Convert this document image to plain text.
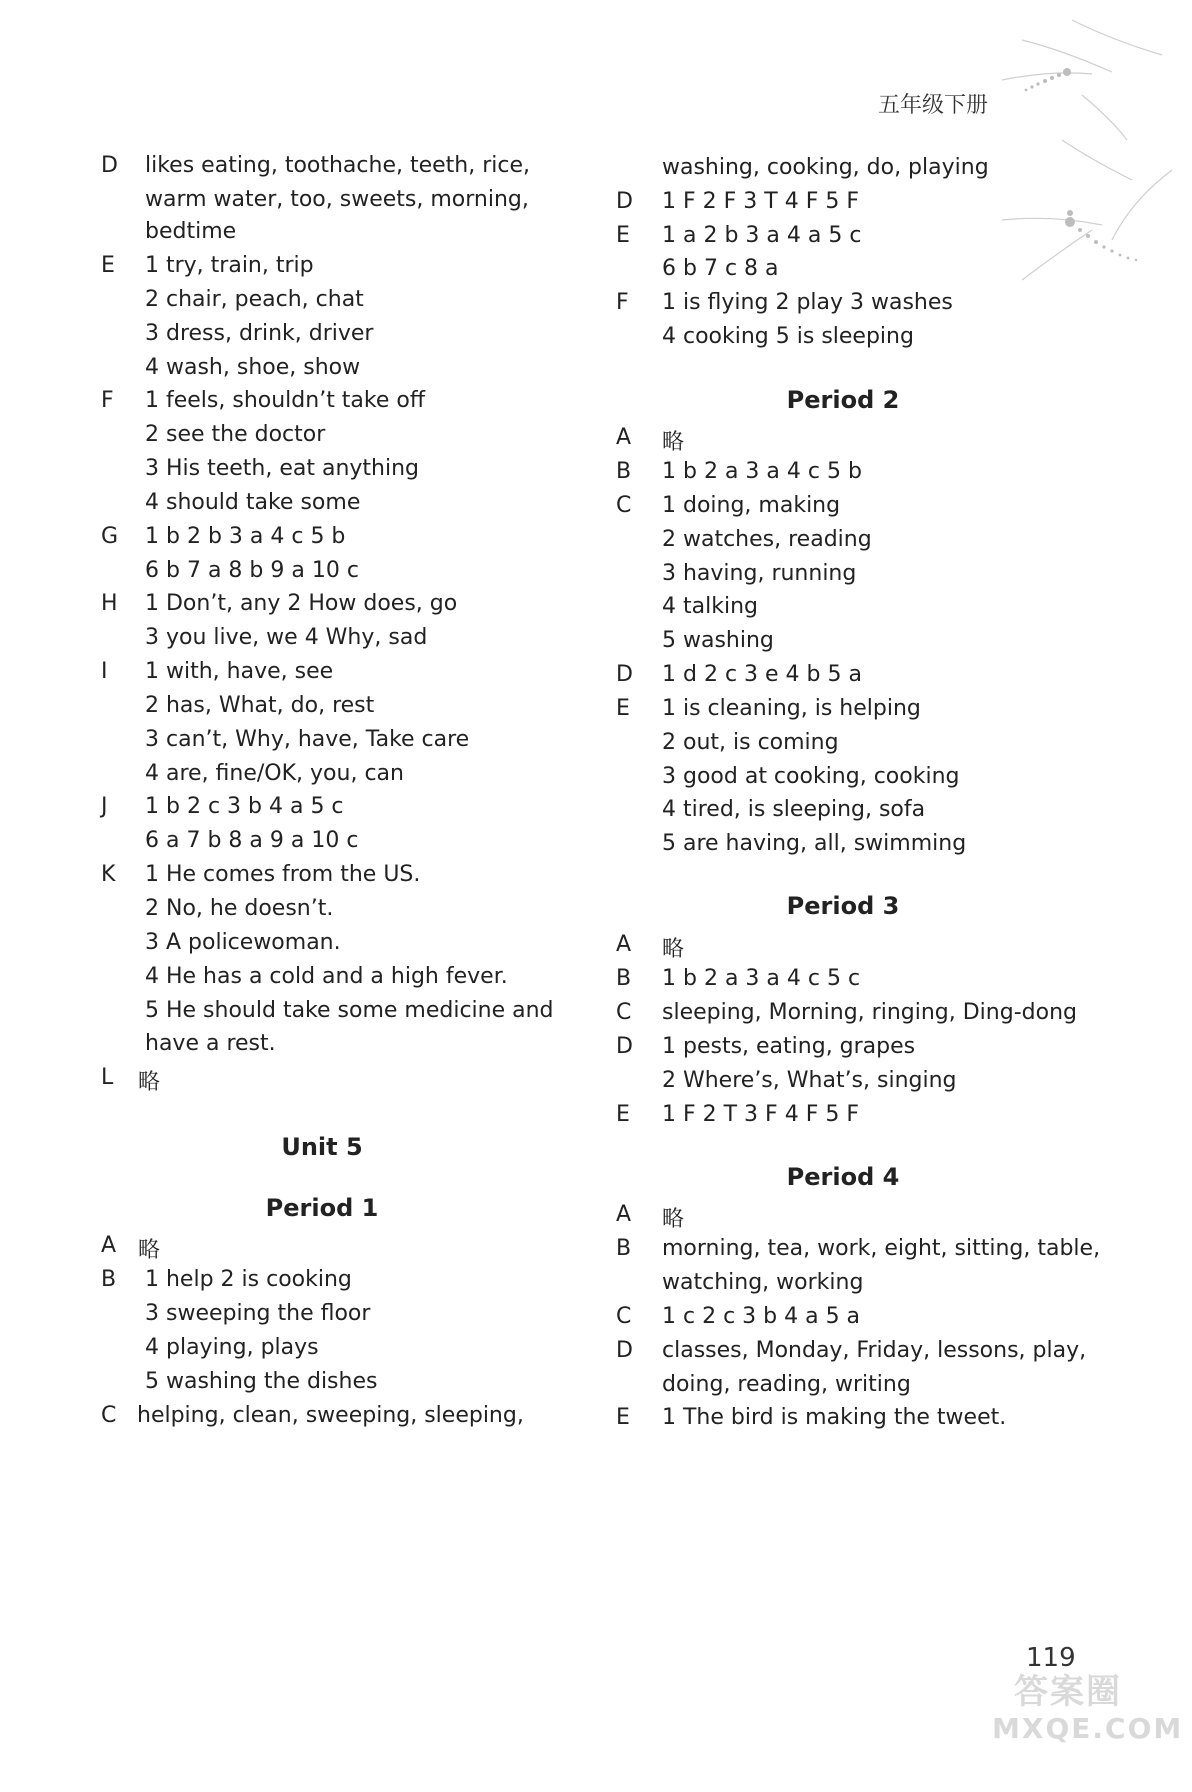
五年级下册
D likes eating, toothache, teeth, rice,
warm water, too, sweets, morning,
bedtime
E 1 try, train, trip
2 chair, peach, chat
3 dress, drink, driver
4 wash, shoe, show
F 1 feels, shouldn’t take off
2 see the doctor
3 His teeth, eat anything
4 should take some
G 1 b 2 b 3 a 4 c 5 b
6 b 7 a 8 b 9 a 10 c
H 1 Don’t, any 2 How does, go
3 you live, we 4 Why, sad
I 1 with, have, see
2 has, What, do, rest
3 can’t, Why, have, Take care
4 are, fine/OK, you, can
J 1 b 2 c 3 b 4 a 5 c
6 a 7 b 8 a 9 a 10 c
K 1 He comes from the US.
2 No, he doesn’t.
3 A policewoman.
4 He has a cold and a high fever.
5 He should take some medicine and
have a rest.
L 略
A 略
B 1 help 2 is cooking
3 sweeping the floor
4 playing, plays
5 washing the dishes
C helping, clean, sweeping, sleeping,
Unit 5
Period 1
washing, cooking, do, playing
D 1 F 2 F 3 T 4 F 5 F
E 1 a 2 b 3 a 4 a 5 c
6 b 7 c 8 a
F 1 is flying 2 play 3 washes
4 cooking 5 is sleeping
A 略
B 1 b 2 a 3 a 4 c 5 b
C 1 doing, making
2 watches, reading
3 having, running
4 talking
5 washing
D 1 d 2 c 3 e 4 b 5 a
E 1 is cleaning, is helping
2 out, is coming
3 good at cooking, cooking
4 tired, is sleeping, sofa
5 are having, all, swimming
A 略
B 1 b 2 a 3 a 4 c 5 c
C sleeping, Morning, ringing, Ding-dong
D 1 pests, eating, grapes
2 Where’s, What’s, singing
E 1 F 2 T 3 F 4 F 5 F
A 略
B morning, tea, work, eight, sitting, table,
watching, working
C 1 c 2 c 3 b 4 a 5 a
D classes, Monday, Friday, lessons, play,
doing, reading, writing
E 1 The bird is making the tweet.
Period 2
Period 3
Period 4
119
答案圈
MXQE.COM
